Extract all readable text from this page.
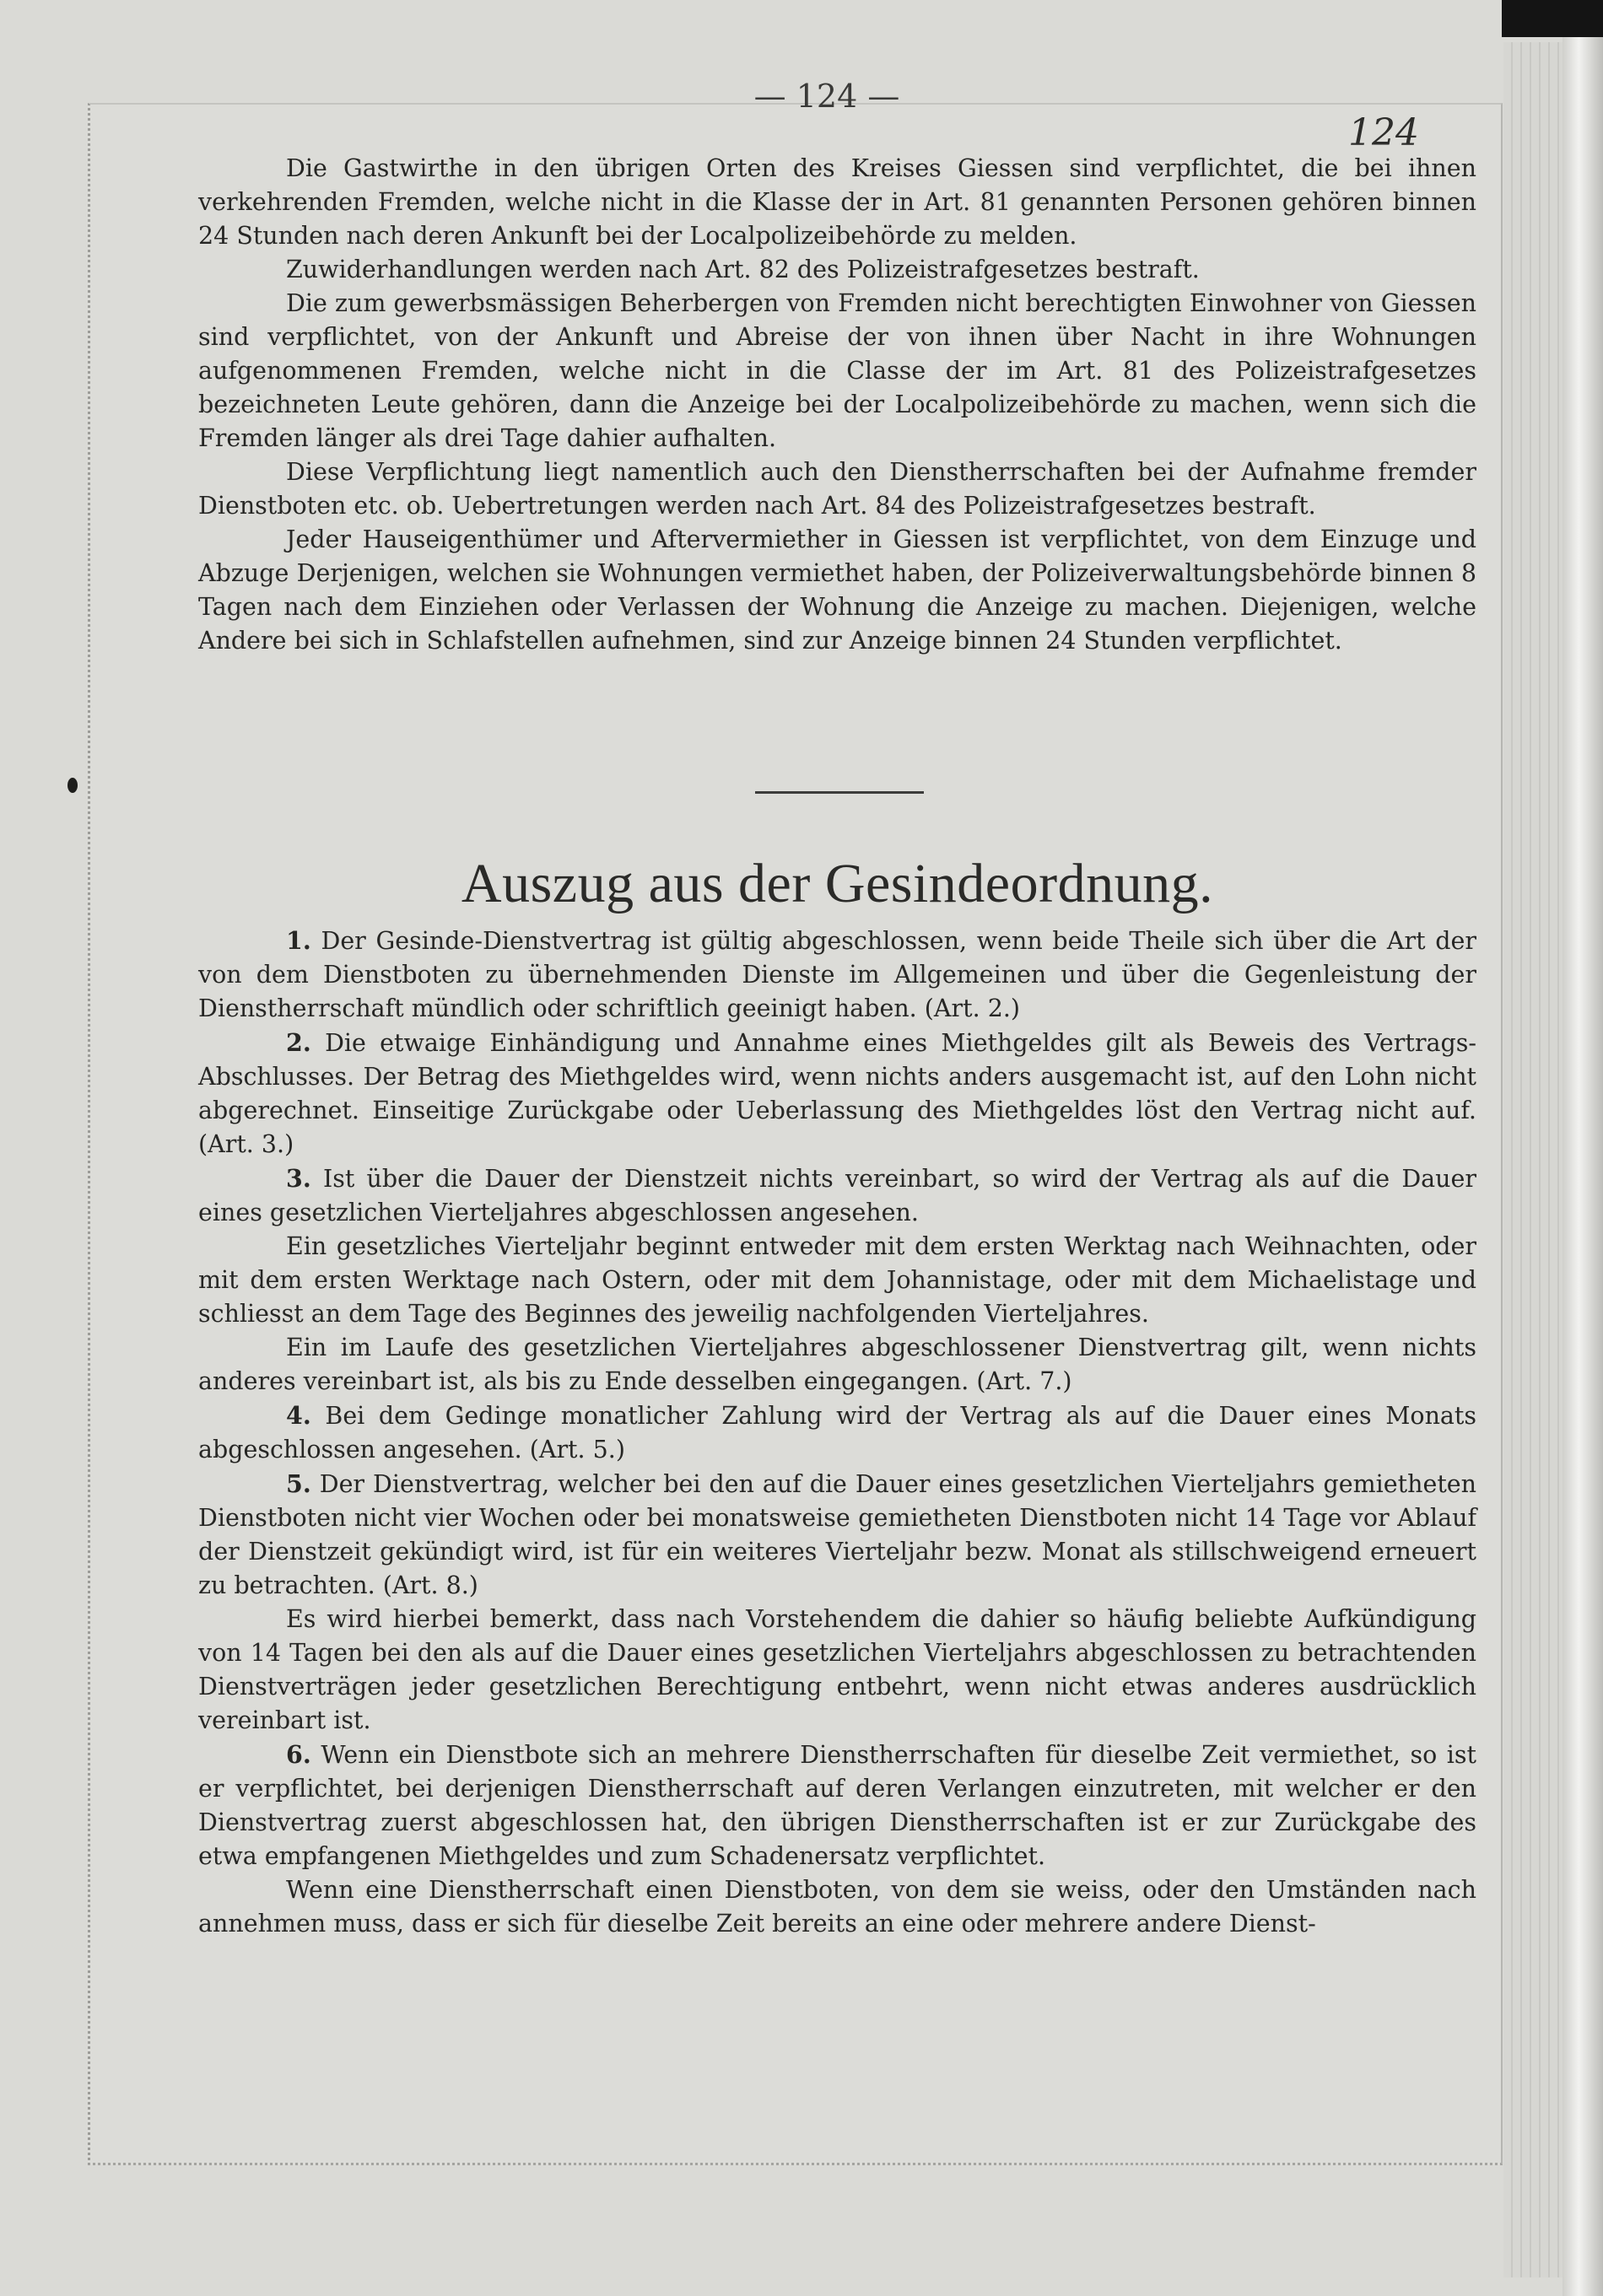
— 124 —
124

Die Gastwirthe in den übrigen Orten des Kreises Giessen sind verpflichtet, die bei ihnen verkehrenden Fremden, welche nicht in die Klasse der in Art. 81 genannten Personen gehören binnen 24 Stunden nach deren Ankunft bei der Localpolizeibehörde zu melden.

Zuwiderhandlungen werden nach Art. 82 des Polizeistrafgesetzes bestraft.

Die zum gewerbsmässigen Beherbergen von Fremden nicht berechtigten Einwohner von Giessen sind verpflichtet, von der Ankunft und Abreise der von ihnen über Nacht in ihre Wohnungen aufgenommenen Fremden, welche nicht in die Classe der im Art. 81 des Polizeistrafgesetzes bezeichneten Leute gehören, dann die Anzeige bei der Localpolizeibehörde zu machen, wenn sich die Fremden länger als drei Tage dahier aufhalten.

Diese Verpflichtung liegt namentlich auch den Dienstherrschaften bei der Aufnahme fremder Dienstboten etc. ob. Uebertretungen werden nach Art. 84 des Polizeistrafgesetzes bestraft.

Jeder Hauseigenthümer und Aftervermiether in Giessen ist verpflichtet, von dem Einzuge und Abzuge Derjenigen, welchen sie Wohnungen vermiethet haben, der Polizeiverwaltungsbehörde binnen 8 Tagen nach dem Einziehen oder Verlassen der Wohnung die Anzeige zu machen. Diejenigen, welche Andere bei sich in Schlafstellen aufnehmen, sind zur Anzeige binnen 24 Stunden verpflichtet.

Auszug aus der Gesindeordnung.

1. Der Gesinde-Dienstvertrag ist gültig abgeschlossen, wenn beide Theile sich über die Art der von dem Dienstboten zu übernehmenden Dienste im Allgemeinen und über die Gegenleistung der Dienstherrschaft mündlich oder schriftlich geeinigt haben. (Art. 2.)

2. Die etwaige Einhändigung und Annahme eines Miethgeldes gilt als Beweis des Vertrags-Abschlusses. Der Betrag des Miethgeldes wird, wenn nichts anders ausgemacht ist, auf den Lohn nicht abgerechnet. Einseitige Zurückgabe oder Ueberlassung des Miethgeldes löst den Vertrag nicht auf. (Art. 3.)

3. Ist über die Dauer der Dienstzeit nichts vereinbart, so wird der Vertrag als auf die Dauer eines gesetzlichen Vierteljahres abgeschlossen angesehen.

Ein gesetzliches Vierteljahr beginnt entweder mit dem ersten Werktag nach Weihnachten, oder mit dem ersten Werktage nach Ostern, oder mit dem Johannistage, oder mit dem Michaelistage und schliesst an dem Tage des Beginnes des jeweilig nachfolgenden Vierteljahres.

Ein im Laufe des gesetzlichen Vierteljahres abgeschlossener Dienstvertrag gilt, wenn nichts anderes vereinbart ist, als bis zu Ende desselben eingegangen. (Art. 7.)

4. Bei dem Gedinge monatlicher Zahlung wird der Vertrag als auf die Dauer eines Monats abgeschlossen angesehen. (Art. 5.)

5. Der Dienstvertrag, welcher bei den auf die Dauer eines gesetzlichen Vierteljahrs gemietheten Dienstboten nicht vier Wochen oder bei monatsweise gemietheten Dienstboten nicht 14 Tage vor Ablauf der Dienstzeit gekündigt wird, ist für ein weiteres Vierteljahr bezw. Monat als stillschweigend erneuert zu betrachten. (Art. 8.)

Es wird hierbei bemerkt, dass nach Vorstehendem die dahier so häufig beliebte Aufkündigung von 14 Tagen bei den als auf die Dauer eines gesetzlichen Vierteljahrs abgeschlossen zu betrachtenden Dienstverträgen jeder gesetzlichen Berechtigung entbehrt, wenn nicht etwas anderes ausdrücklich vereinbart ist.

6. Wenn ein Dienstbote sich an mehrere Dienstherrschaften für dieselbe Zeit vermiethet, so ist er verpflichtet, bei derjenigen Dienstherrschaft auf deren Verlangen einzutreten, mit welcher er den Dienstvertrag zuerst abgeschlossen hat, den übrigen Dienstherrschaften ist er zur Zurückgabe des etwa empfangenen Miethgeldes und zum Schadenersatz verpflichtet.

Wenn eine Dienstherrschaft einen Dienstboten, von dem sie weiss, oder den Umständen nach annehmen muss, dass er sich für dieselbe Zeit bereits an eine oder mehrere andere Dienst-
